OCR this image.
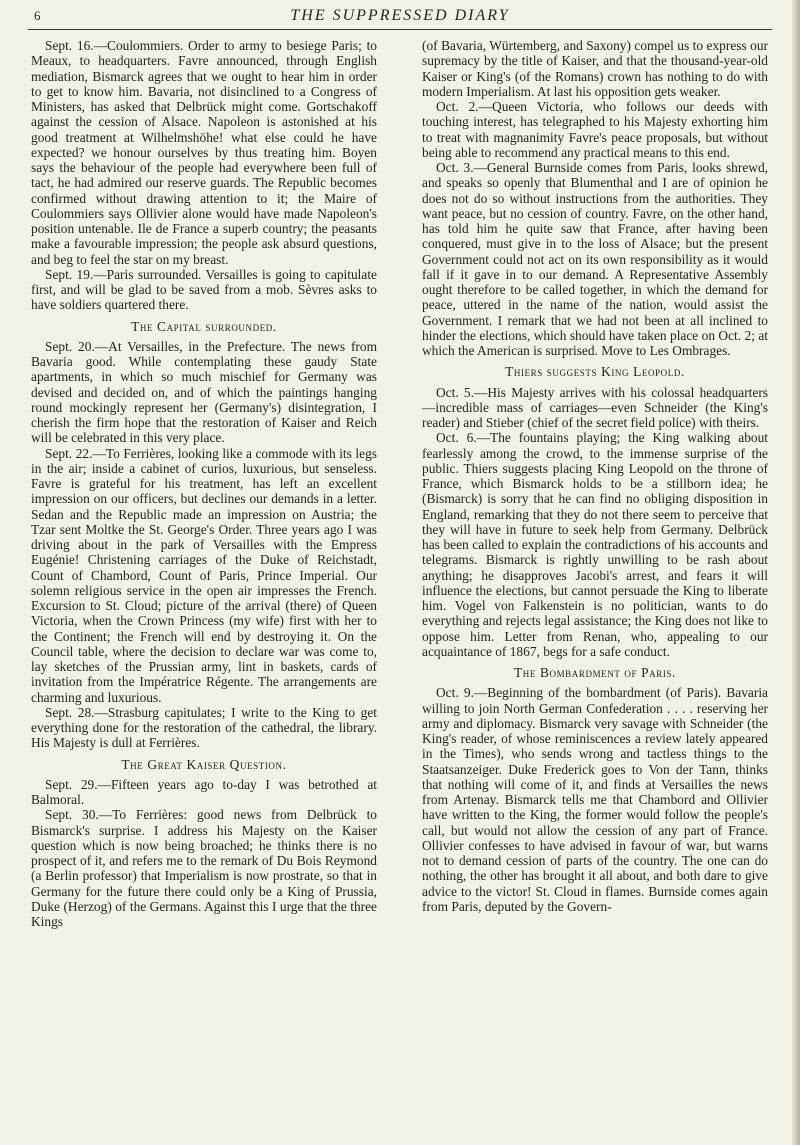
6	THE SUPPRESSED DIARY

Sept. 16.—Coulommiers. Order to army to besiege Paris; to Meaux, to headquarters. Favre announced, through English mediation, Bismarck agrees that we ought to hear him in order to get to know him. Bavaria, not disinclined to a Congress of Ministers, has asked that Delbrück might come. Gortschakoff against the cession of Alsace. Napoleon is astonished at his good treatment at Wilhelmshöhe! what else could he have expected? we honour ourselves by thus treating him. Boyen says the behaviour of the people had everywhere been full of tact, he had admired our reserve guards. The Republic becomes confirmed without drawing attention to it; the Maire of Coulommiers says Ollivier alone would have made Napoleon's position untenable. Ile de France a superb country; the peasants make a favourable impression; the people ask absurd questions, and beg to feel the star on my breast.

Sept. 19.—Paris surrounded. Versailles is going to capitulate first, and will be glad to be saved from a mob. Sèvres asks to have soldiers quartered there.

The Capital surrounded.

Sept. 20.—At Versailles, in the Prefecture. The news from Bavaria good. While contemplating these gaudy State apartments, in which so much mischief for Germany was devised and decided on, and of which the paintings hanging round mockingly represent her (Germany's) disintegration, I cherish the firm hope that the restoration of Kaiser and Reich will be celebrated in this very place.

Sept. 22.—To Ferrières, looking like a commode with its legs in the air; inside a cabinet of curios, luxurious, but senseless. Favre is grateful for his treatment, has left an excellent impression on our officers, but declines our demands in a letter. Sedan and the Republic made an impression on Austria; the Tzar sent Moltke the St. George's Order. Three years ago I was driving about in the park of Versailles with the Empress Eugénie! Christening carriages of the Duke of Reichstadt, Count of Chambord, Count of Paris, Prince Imperial. Our solemn religious service in the open air impresses the French. Excursion to St. Cloud; picture of the arrival (there) of Queen Victoria, when the Crown Princess (my wife) first with her to the Continent; the French will end by destroying it. On the Council table, where the decision to declare war was come to, lay sketches of the Prussian army, lint in baskets, cards of invitation from the Impératrice Régente. The arrangements are charming and luxurious.

Sept. 28.—Strasburg capitulates; I write to the King to get everything done for the restoration of the cathedral, the library. His Majesty is dull at Ferrières.

The Great Kaiser Question.

Sept. 29.—Fifteen years ago to-day I was betrothed at Balmoral.

Sept. 30.—To Ferrières: good news from Delbrück to Bismarck's surprise. I address his Majesty on the Kaiser question which is now being broached; he thinks there is no prospect of it, and refers me to the remark of Du Bois Reymond (a Berlin professor) that Imperialism is now prostrate, so that in Germany for the future there could only be a King of Prussia, Duke (Herzog) of the Germans. Against this I urge that the three Kings

(of Bavaria, Würtemberg, and Saxony) compel us to express our supremacy by the title of Kaiser, and that the thousand-year-old Kaiser or King's (of the Romans) crown has nothing to do with modern Imperialism. At last his opposition gets weaker.

Oct. 2.—Queen Victoria, who follows our deeds with touching interest, has telegraphed to his Majesty exhorting him to treat with magnanimity Favre's peace proposals, but without being able to recommend any practical means to this end.

Oct. 3.—General Burnside comes from Paris, looks shrewd, and speaks so openly that Blumenthal and I are of opinion he does not do so without instructions from the authorities. They want peace, but no cession of country. Favre, on the other hand, has told him he quite saw that France, after having been conquered, must give in to the loss of Alsace; but the present Government could not act on its own responsibility as it would fall if it gave in to our demand. A Representative Assembly ought therefore to be called together, in which the demand for peace, uttered in the name of the nation, would assist the Government. I remark that we had not been at all inclined to hinder the elections, which should have taken place on Oct. 2; at which the American is surprised. Move to Les Ombrages.

Thiers suggests King Leopold.

Oct. 5.—His Majesty arrives with his colossal headquarters—incredible mass of carriages—even Schneider (the King's reader) and Stieber (chief of the secret field police) with theirs.

Oct. 6.—The fountains playing; the King walking about fearlessly among the crowd, to the immense surprise of the public. Thiers suggests placing King Leopold on the throne of France, which Bismarck holds to be a stillborn idea; he (Bismarck) is sorry that he can find no obliging disposition in England, remarking that they do not there seem to perceive that they will have in future to seek help from Germany. Delbrück has been called to explain the contradictions of his accounts and telegrams. Bismarck is rightly unwilling to be rash about anything; he disapproves Jacobi's arrest, and fears it will influence the elections, but cannot persuade the King to liberate him. Vogel von Falkenstein is no politician, wants to do everything and rejects legal assistance; the King does not like to oppose him. Letter from Renan, who, appealing to our acquaintance of 1867, begs for a safe conduct.

The Bombardment of Paris.

Oct. 9.—Beginning of the bombardment (of Paris). Bavaria willing to join North German Confederation . . . . reserving her army and diplomacy. Bismarck very savage with Schneider (the King's reader, of whose reminiscences a review lately appeared in the Times), who sends wrong and tactless things to the Staatsanzeiger. Duke Frederick goes to Von der Tann, thinks that nothing will come of it, and finds at Versailles the news from Artenay. Bismarck tells me that Chambord and Ollivier have written to the King, the former would follow the people's call, but would not allow the cession of any part of France. Ollivier confesses to have advised in favour of war, but warns not to demand cession of parts of the country. The one can do nothing, the other has brought it all about, and both dare to give advice to the victor! St. Cloud in flames. Burnside comes again from Paris, deputed by the Govern-
